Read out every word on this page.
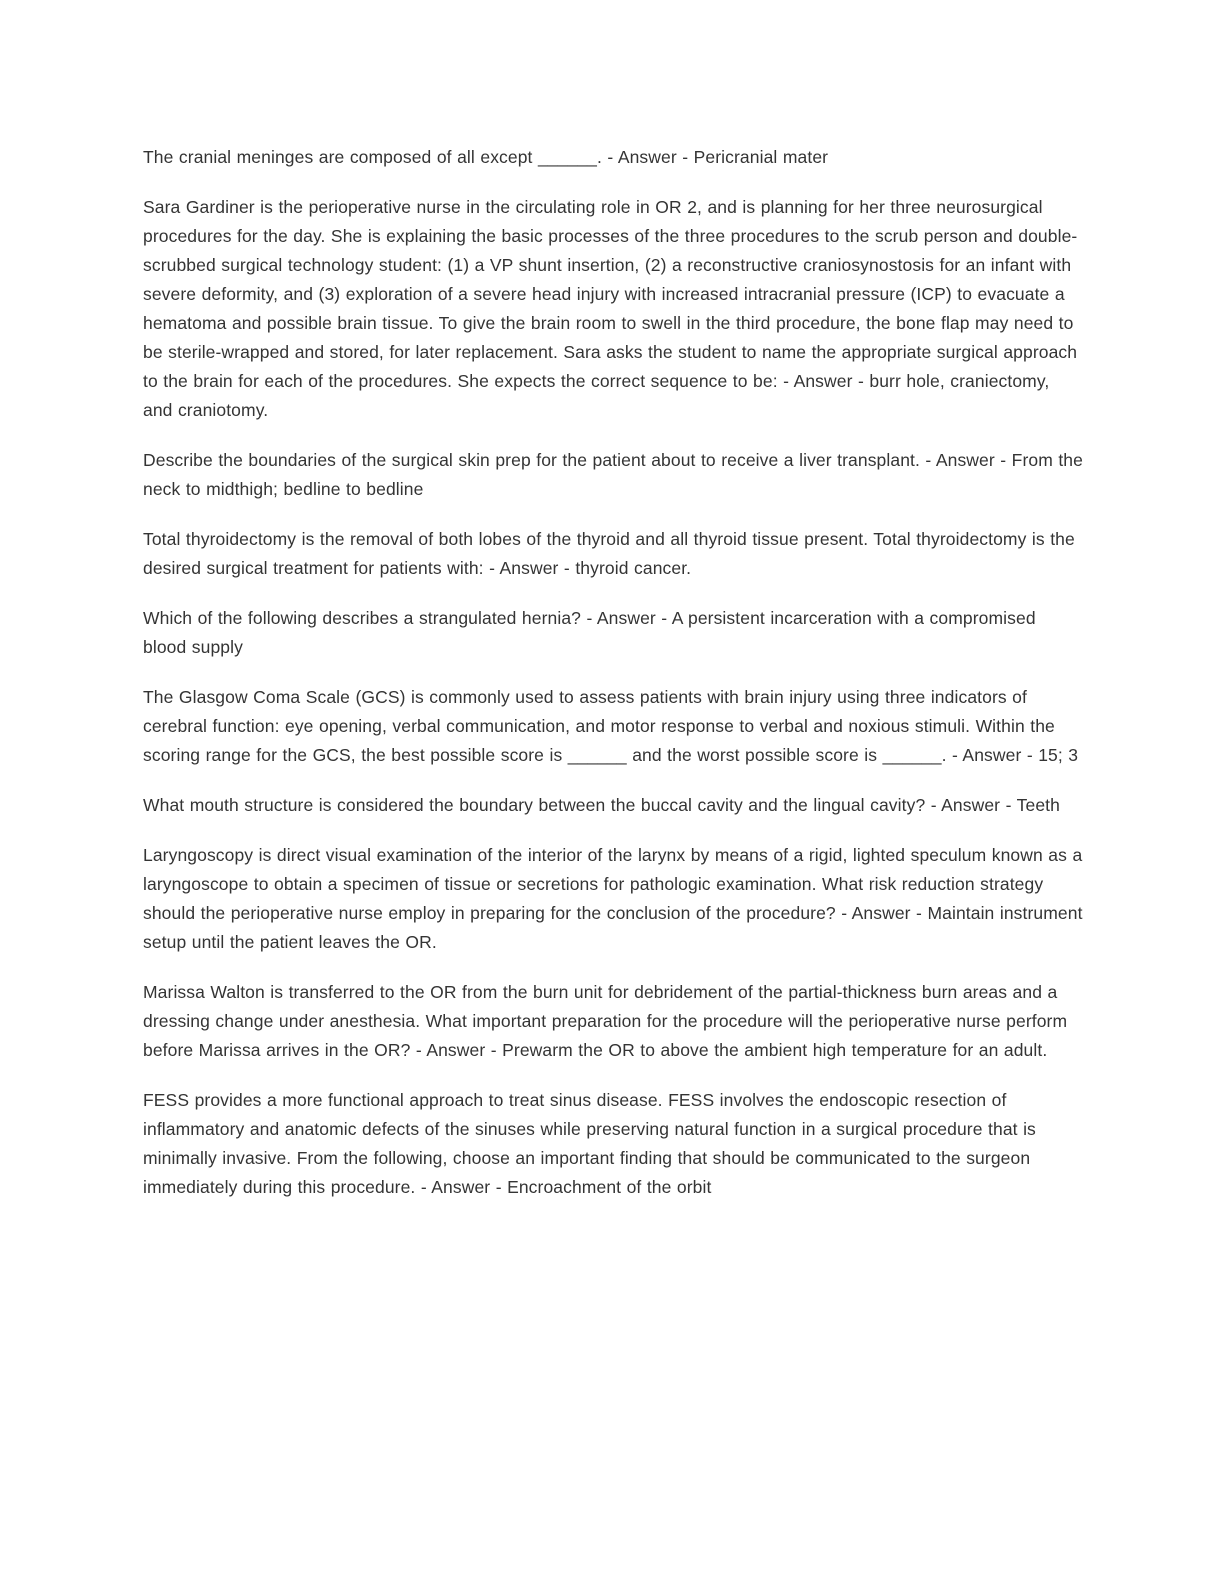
The cranial meninges are composed of all except ______. - Answer - Pericranial mater

Sara Gardiner is the perioperative nurse in the circulating role in OR 2, and is planning for her three neurosurgical procedures for the day. She is explaining the basic processes of the three procedures to the scrub person and double-scrubbed surgical technology student: (1) a VP shunt insertion, (2) a reconstructive craniosynostosis for an infant with severe deformity, and (3) exploration of a severe head injury with increased intracranial pressure (ICP) to evacuate a hematoma and possible brain tissue. To give the brain room to swell in the third procedure, the bone flap may need to be sterile-wrapped and stored, for later replacement. Sara asks the student to name the appropriate surgical approach to the brain for each of the procedures. She expects the correct sequence to be: - Answer - burr hole, craniectomy, and craniotomy.

Describe the boundaries of the surgical skin prep for the patient about to receive a liver transplant. - Answer - From the neck to midthigh; bedline to bedline

Total thyroidectomy is the removal of both lobes of the thyroid and all thyroid tissue present. Total thyroidectomy is the desired surgical treatment for patients with: - Answer - thyroid cancer.

Which of the following describes a strangulated hernia? - Answer - A persistent incarceration with a compromised blood supply

The Glasgow Coma Scale (GCS) is commonly used to assess patients with brain injury using three indicators of cerebral function: eye opening, verbal communication, and motor response to verbal and noxious stimuli. Within the scoring range for the GCS, the best possible score is ______ and the worst possible score is ______. - Answer - 15; 3

What mouth structure is considered the boundary between the buccal cavity and the lingual cavity? - Answer - Teeth

Laryngoscopy is direct visual examination of the interior of the larynx by means of a rigid, lighted speculum known as a laryngoscope to obtain a specimen of tissue or secretions for pathologic examination. What risk reduction strategy should the perioperative nurse employ in preparing for the conclusion of the procedure? - Answer - Maintain instrument setup until the patient leaves the OR.

Marissa Walton is transferred to the OR from the burn unit for debridement of the partial-thickness burn areas and a dressing change under anesthesia. What important preparation for the procedure will the perioperative nurse perform before Marissa arrives in the OR? - Answer - Prewarm the OR to above the ambient high temperature for an adult.

FESS provides a more functional approach to treat sinus disease. FESS involves the endoscopic resection of inflammatory and anatomic defects of the sinuses while preserving natural function in a surgical procedure that is minimally invasive. From the following, choose an important finding that should be communicated to the surgeon immediately during this procedure. - Answer - Encroachment of the orbit
